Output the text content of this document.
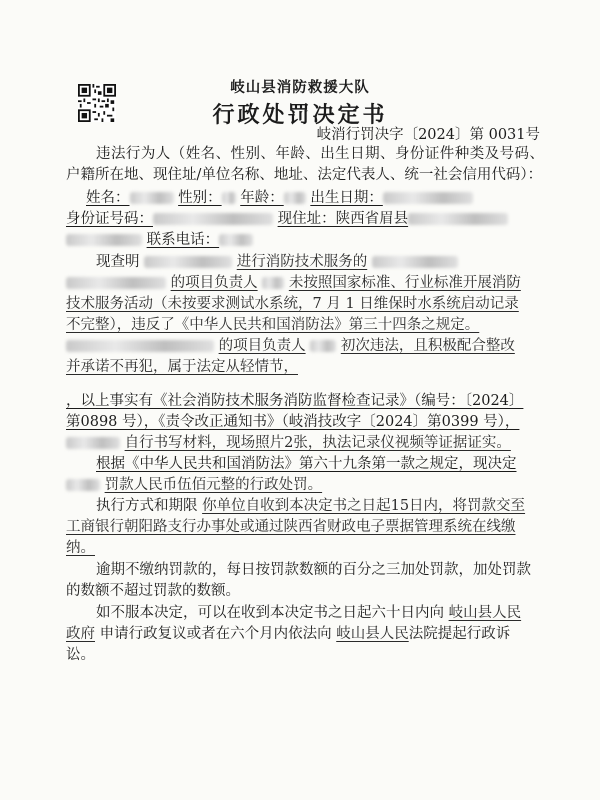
岐山县消防救援大队
行政处罚决定书
岐消行罚决字〔2024〕第 0031号
违法行为人（姓名、性别、年龄、出生日期、身份证件种类及号码、户籍所在地、现住址/单位名称、地址、法定代表人、统一社会信用代码）：
姓名：	性别： 年龄： 出生日期：
身份证号码：	现住址：陕西省眉县
联系电话：
现查明	进行消防技术服务的
的项目负责人 未按照国家标准、行业标准开展消防
技术服务活动（未按要求测试水系统，7 月 1 日维保时水系统启动记录
不完整），违反了《中华人民共和国消防法》第三十四条之规定。
的项目负责人 初次违法，且积极配合整改
并承诺不再犯，属于法定从轻情节，
，以上事实有《社会消防技术服务消防监督检查记录》（编号：〔2024〕
第0898 号），《责令改正通知书》（岐消技改字〔2024〕第0399 号），
自行书写材料，现场照片2张，执法记录仪视频等证据证实。
根据《中华人民共和国消防法》第六十九条第一款之规定，现决定
罚款人民币伍佰元整的行政处罚。
执行方式和期限 你单位自收到本决定书之日起15日内，将罚款交至
工商银行朝阳路支行办事处或通过陕西省财政电子票据管理系统在线缴
纳。
逾期不缴纳罚款的，每日按罚款数额的百分之三加处罚款，加处罚款
的数额不超过罚款的数额。
如不服本决定，可以在收到本决定书之日起六十日内向 岐山县人民
政府 申请行政复议或者在六个月内依法向 岐山县人民法院提起行政诉
讼。
